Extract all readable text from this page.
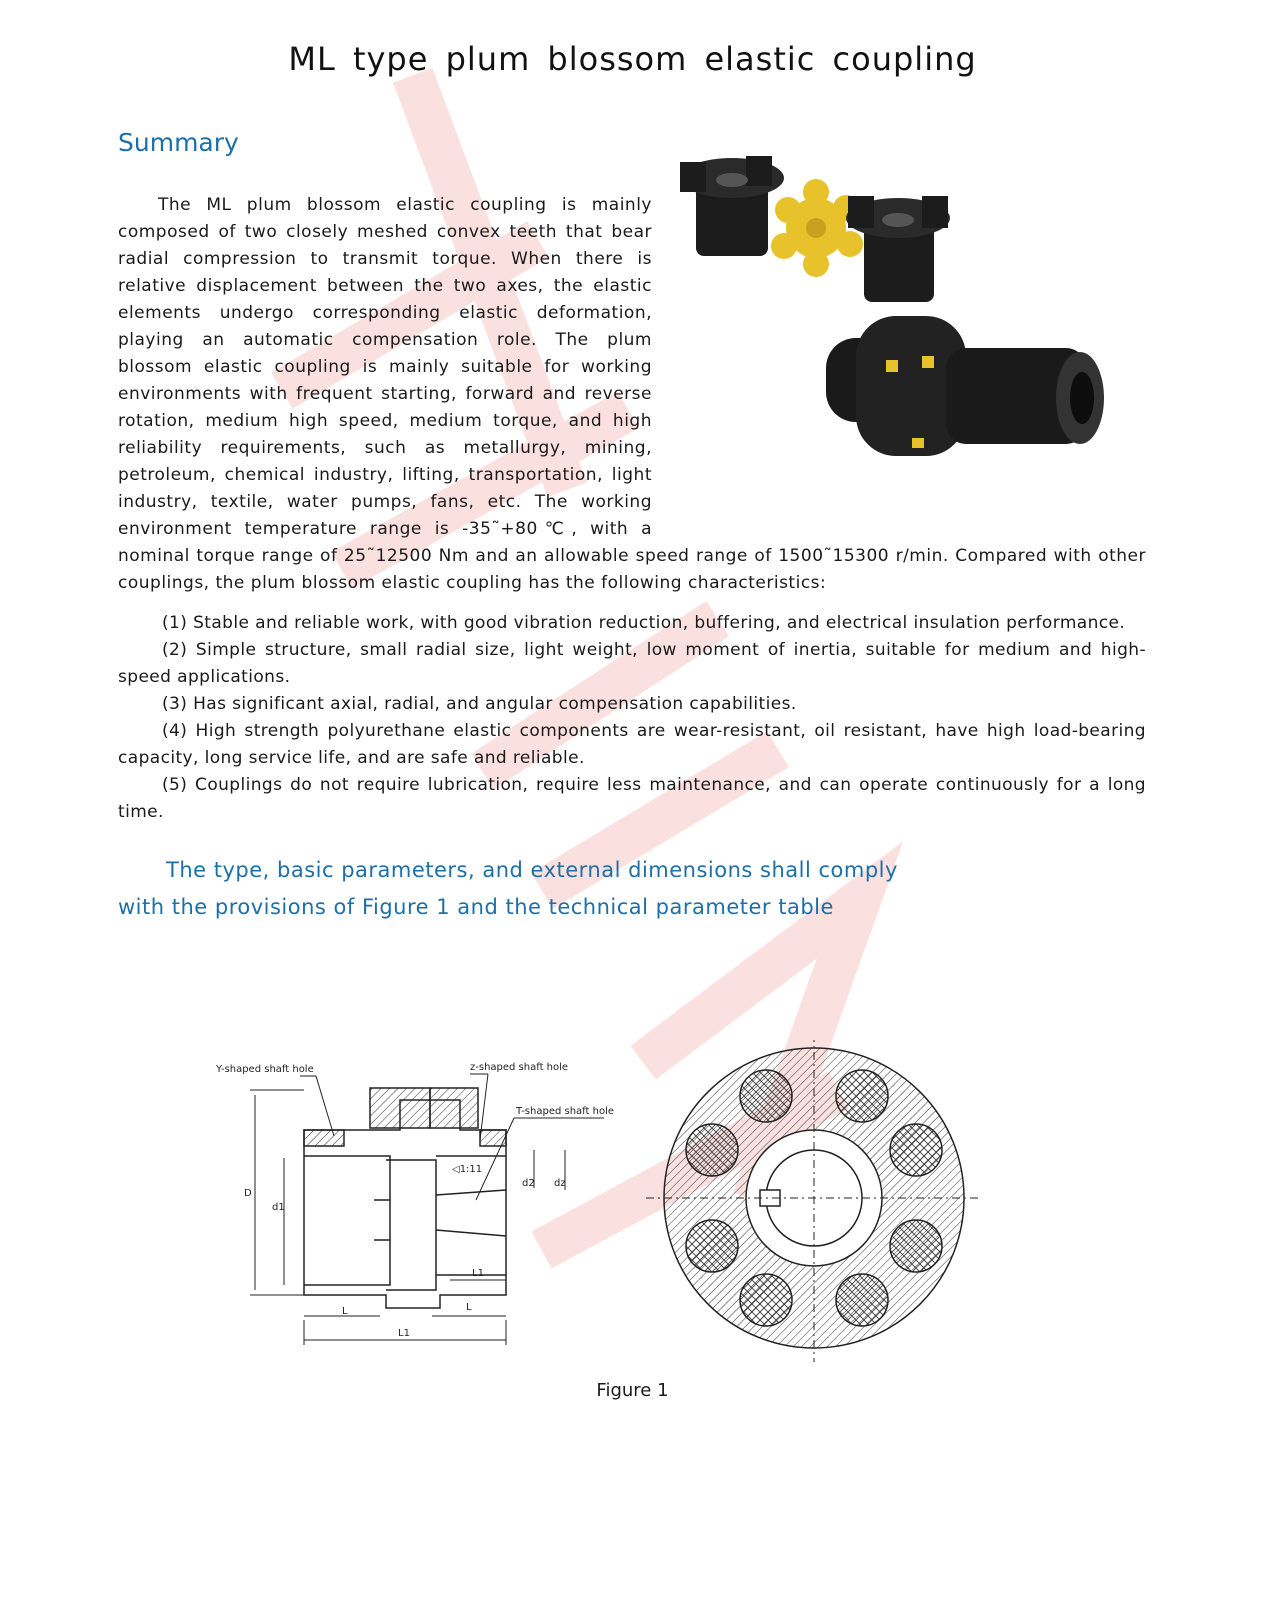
ML type plum blossom elastic coupling
Summary
The ML plum blossom elastic coupling is mainly composed of two closely meshed convex teeth that bear radial compression to transmit torque. When there is relative displacement between the two axes, the elastic elements undergo corresponding elastic deformation, playing an automatic compensation role. The plum blossom elastic coupling is mainly suitable for working environments with frequent starting, forward and reverse rotation, medium high speed, medium torque, and high reliability requirements, such as metallurgy, mining, petroleum, chemical industry, lifting, transportation, light industry, textile, water pumps, fans, etc. The working environment temperature range is -35˜+80℃, with a nominal torque range of 25˜12500 Nm and an allowable speed range of 1500˜15300 r/min. Compared with other couplings, the plum blossom elastic coupling has the following characteristics:

(1) Stable and reliable work, with good vibration reduction, buffering, and electrical insulation performance.

(2) Simple structure, small radial size, light weight, low moment of inertia, suitable for medium and high-speed applications.

(3) Has significant axial, radial, and angular compensation capabilities.

(4) High strength polyurethane elastic components are wear-resistant, oil resistant, have high load-bearing capacity, long service life, and are safe and reliable.

(5) Couplings do not require lubrication, require less maintenance, and can operate continuously for a long time.

The type, basic parameters, and external dimensions shall comply with the provisions of Figure 1 and the technical parameter table
Y-shaped shaft hole	z-shaped shaft hole
T-shaped shaft hole
◁1:11
D
d1
d2 dz
L	L
L1
L1
Figure 1
